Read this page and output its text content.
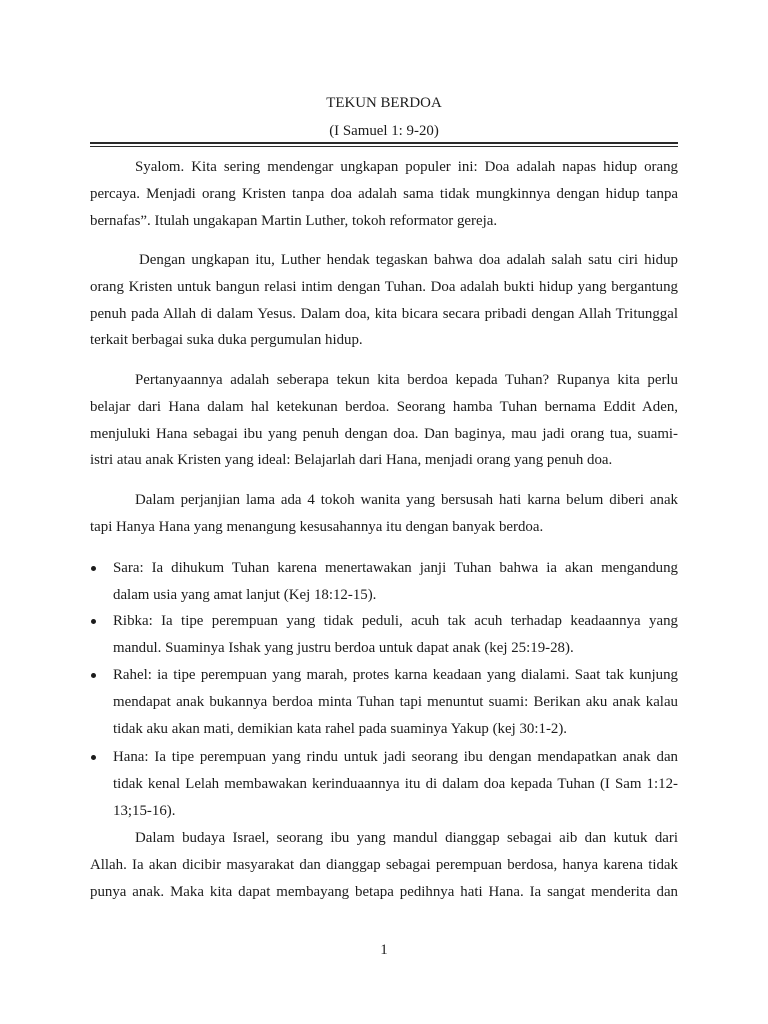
TEKUN BERDOA
(I Samuel 1: 9-20)
Syalom. Kita sering mendengar ungkapan populer ini: Doa adalah napas hidup orang
percaya. Menjadi orang Kristen tanpa doa adalah sama tidak mungkinnya dengan hidup tanpa
bernafas”. Itulah ungakapan Martin Luther, tokoh reformator gereja.
Dengan ungkapan itu, Luther hendak tegaskan bahwa doa adalah salah satu ciri hidup
orang Kristen untuk bangun relasi intim dengan Tuhan. Doa adalah bukti hidup yang bergantung
penuh pada Allah di dalam Yesus. Dalam doa, kita bicara secara pribadi dengan Allah Tritunggal
terkait berbagai suka duka pergumulan hidup.
Pertanyaannya adalah seberapa tekun kita berdoa kepada Tuhan? Rupanya kita perlu
belajar dari Hana dalam hal ketekunan berdoa. Seorang hamba Tuhan bernama Eddit Aden,
menjuluki Hana sebagai ibu yang penuh dengan doa. Dan baginya, mau jadi orang tua, suami-
istri atau anak Kristen yang ideal: Belajarlah dari Hana, menjadi orang yang penuh doa.
Dalam perjanjian lama ada 4 tokoh wanita yang bersusah hati karna belum diberi anak
tapi Hanya Hana yang menangung kesusahannya itu dengan banyak berdoa.
Sara: Ia dihukum Tuhan karena menertawakan janji Tuhan bahwa ia akan mengandung
dalam usia yang amat lanjut (Kej 18:12-15).
Ribka: Ia tipe perempuan yang tidak peduli, acuh tak acuh terhadap keadaannya yang
mandul. Suaminya Ishak yang justru berdoa untuk dapat anak (kej 25:19-28).
Rahel: ia tipe perempuan yang marah, protes karna keadaan yang dialami. Saat tak kunjung
mendapat anak bukannya berdoa minta Tuhan tapi menuntut suami: Berikan aku anak kalau
tidak aku akan mati, demikian kata rahel pada suaminya Yakup (kej 30:1-2).
Hana: Ia tipe perempuan yang rindu untuk jadi seorang ibu dengan mendapatkan anak dan
tidak kenal Lelah membawakan kerinduaannya itu di dalam doa kepada Tuhan (I Sam 1:12-
13;15-16).
Dalam budaya Israel, seorang ibu yang mandul dianggap sebagai aib dan kutuk dari
Allah. Ia akan dicibir masyarakat dan dianggap sebagai perempuan berdosa, hanya karena tidak
punya anak. Maka kita dapat membayang betapa pedihnya hati Hana. Ia sangat menderita dan
1
